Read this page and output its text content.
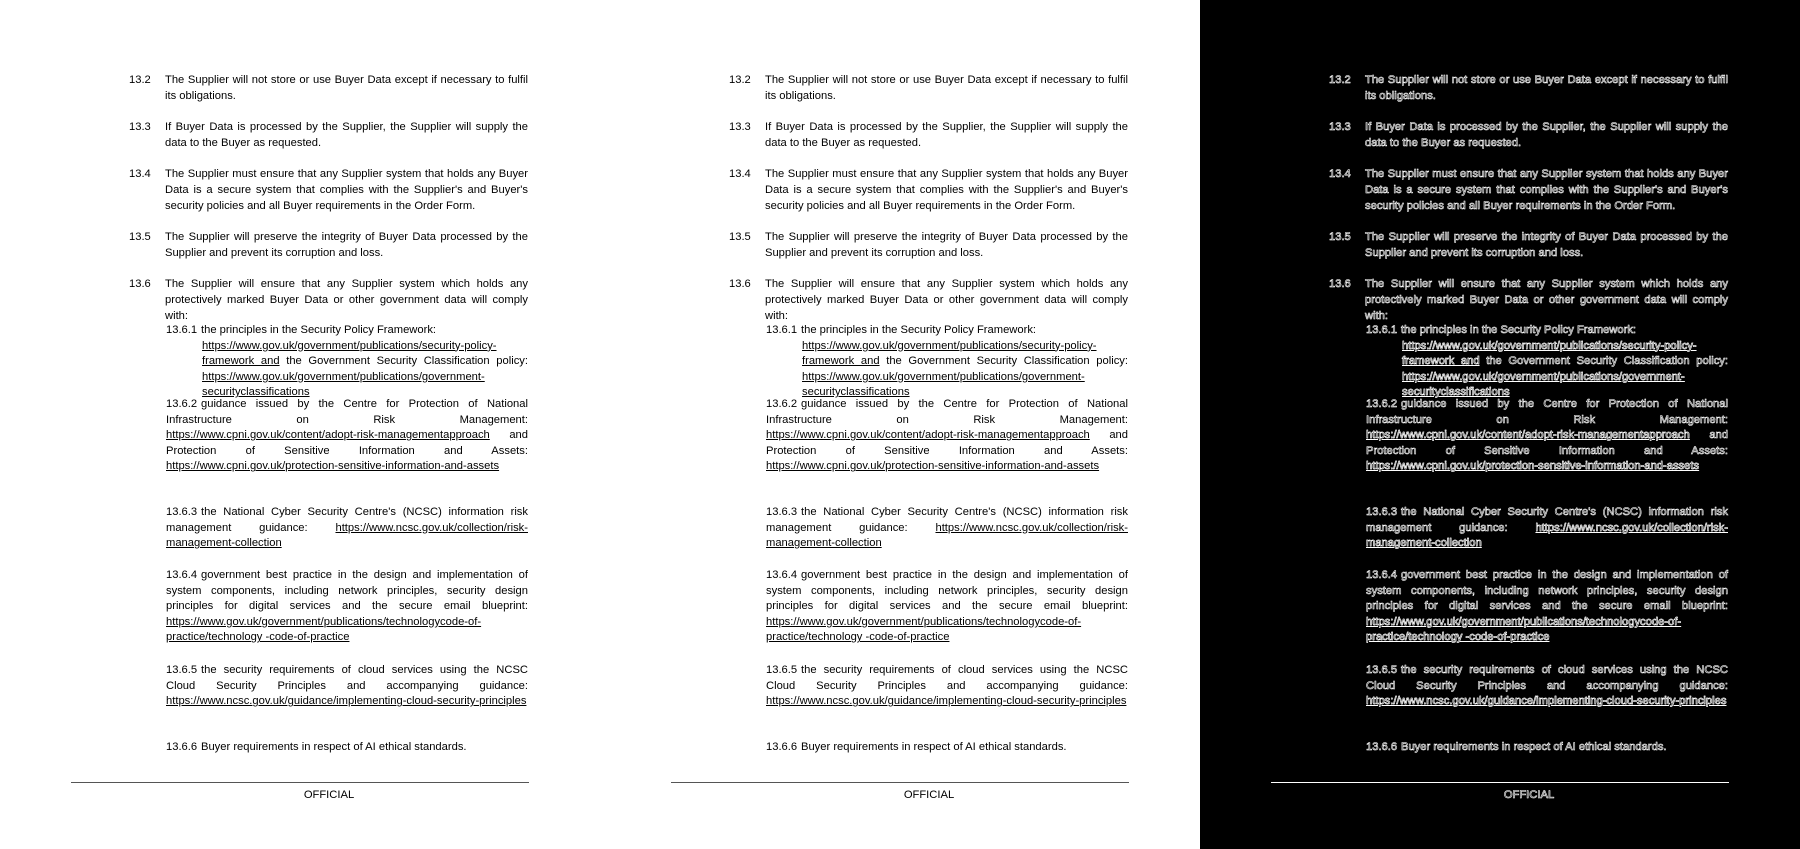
13.2	The Supplier will not store or use Buyer Data except if necessary to fulfil its obligations.
13.3	If Buyer Data is processed by the Supplier, the Supplier will supply the data to the Buyer as requested.
13.4	The Supplier must ensure that any Supplier system that holds any Buyer Data is a secure system that complies with the Supplier's and Buyer's security policies and all Buyer requirements in the Order Form.
13.5	The Supplier will preserve the integrity of Buyer Data processed by the Supplier and prevent its corruption and loss.
13.6	The Supplier will ensure that any Supplier system which holds any protectively marked Buyer Data or other government data will comply with:
13.6.1 the principles in the Security Policy Framework:
https://www.gov.uk/government/publications/security-policy-framework and the Government Security Classification policy: https://www.gov.uk/government/publications/government-securityclassifications
13.6.2 guidance issued by the Centre for Protection of National Infrastructure on Risk Management: https://www.cpni.gov.uk/content/adopt-risk-managementapproach and Protection of Sensitive Information and Assets: https://www.cpni.gov.uk/protection-sensitive-information-and-assets
13.6.3 the National Cyber Security Centre's (NCSC) information risk management guidance: https://www.ncsc.gov.uk/collection/risk-management-collection
13.6.4 government best practice in the design and implementation of system components, including network principles, security design principles for digital services and the secure email blueprint: https://www.gov.uk/government/publications/technologycode-of-practice/technology -code-of-practice
13.6.5 the security requirements of cloud services using the NCSC Cloud Security Principles and accompanying guidance: https://www.ncsc.gov.uk/guidance/implementing-cloud-security-principles
13.6.6 Buyer requirements in respect of AI ethical standards.
OFFICIAL
13.2	The Supplier will not store or use Buyer Data except if necessary to fulfil its obligations.
13.3	If Buyer Data is processed by the Supplier, the Supplier will supply the data to the Buyer as requested.
13.4	The Supplier must ensure that any Supplier system that holds any Buyer Data is a secure system that complies with the Supplier's and Buyer's security policies and all Buyer requirements in the Order Form.
13.5	The Supplier will preserve the integrity of Buyer Data processed by the Supplier and prevent its corruption and loss.
13.6	The Supplier will ensure that any Supplier system which holds any protectively marked Buyer Data or other government data will comply with:
13.6.1 the principles in the Security Policy Framework:
https://www.gov.uk/government/publications/security-policy-framework and the Government Security Classification policy: https://www.gov.uk/government/publications/government-securityclassifications
13.6.2 guidance issued by the Centre for Protection of National Infrastructure on Risk Management: https://www.cpni.gov.uk/content/adopt-risk-managementapproach and Protection of Sensitive Information and Assets: https://www.cpni.gov.uk/protection-sensitive-information-and-assets
13.6.3 the National Cyber Security Centre's (NCSC) information risk management guidance: https://www.ncsc.gov.uk/collection/risk-management-collection
13.6.4 government best practice in the design and implementation of system components, including network principles, security design principles for digital services and the secure email blueprint: https://www.gov.uk/government/publications/technologycode-of-practice/technology -code-of-practice
13.6.5 the security requirements of cloud services using the NCSC Cloud Security Principles and accompanying guidance: https://www.ncsc.gov.uk/guidance/implementing-cloud-security-principles
13.6.6 Buyer requirements in respect of AI ethical standards.
OFFICIAL
13.2	The Supplier will not store or use Buyer Data except if necessary to fulfil its obligations.
13.3	If Buyer Data is processed by the Supplier, the Supplier will supply the data to the Buyer as requested.
13.4	The Supplier must ensure that any Supplier system that holds any Buyer Data is a secure system that complies with the Supplier's and Buyer's security policies and all Buyer requirements in the Order Form.
13.5	The Supplier will preserve the integrity of Buyer Data processed by the Supplier and prevent its corruption and loss.
13.6	The Supplier will ensure that any Supplier system which holds any protectively marked Buyer Data or other government data will comply with:
13.6.1 the principles in the Security Policy Framework:
https://www.gov.uk/government/publications/security-policy-framework and the Government Security Classification policy: https://www.gov.uk/government/publications/government-securityclassifications
13.6.2 guidance issued by the Centre for Protection of National Infrastructure on Risk Management: https://www.cpni.gov.uk/content/adopt-risk-managementapproach and Protection of Sensitive Information and Assets: https://www.cpni.gov.uk/protection-sensitive-information-and-assets
13.6.3 the National Cyber Security Centre's (NCSC) information risk management guidance: https://www.ncsc.gov.uk/collection/risk-management-collection
13.6.4 government best practice in the design and implementation of system components, including network principles, security design principles for digital services and the secure email blueprint: https://www.gov.uk/government/publications/technologycode-of-practice/technology -code-of-practice
13.6.5 the security requirements of cloud services using the NCSC Cloud Security Principles and accompanying guidance: https://www.ncsc.gov.uk/guidance/implementing-cloud-security-principles
13.6.6 Buyer requirements in respect of AI ethical standards.
OFFICIAL
